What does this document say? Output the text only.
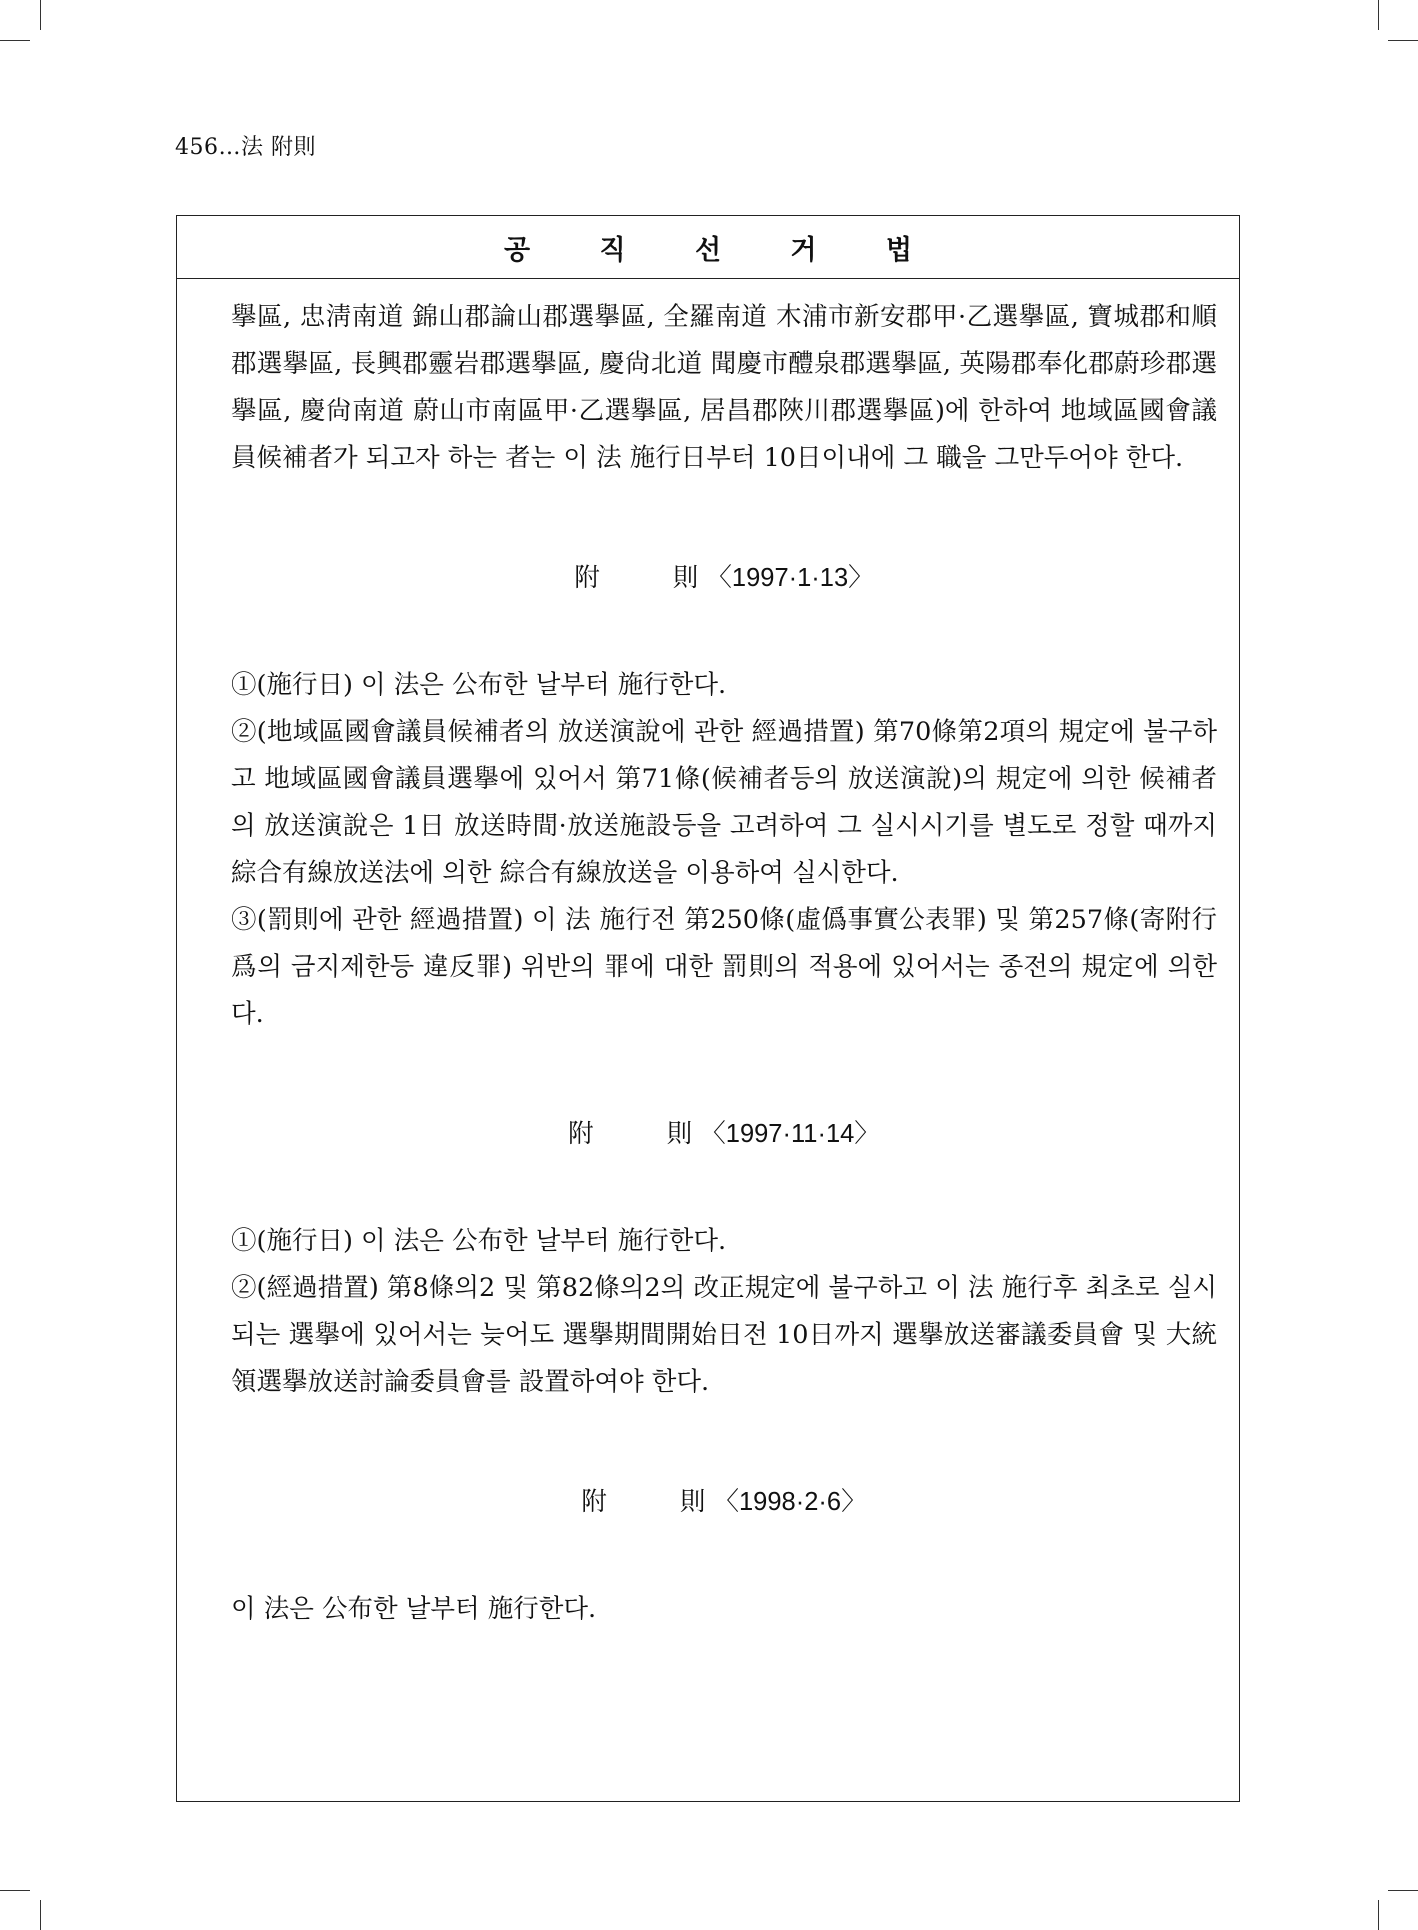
456…法 附則
공 직 선 거 법

擧區, 忠淸南道 錦山郡論山郡選擧區, 全羅南道 木浦市新安郡甲·乙選擧區, 寶城郡和順郡選擧區, 長興郡靈岩郡選擧區, 慶尙北道 聞慶市醴泉郡選擧區, 英陽郡奉化郡蔚珍郡選擧區, 慶尙南道 蔚山市南區甲·乙選擧區, 居昌郡陜川郡選擧區)에 한하여 地域區國會議員候補者가 되고자 하는 者는 이 法 施行日부터 10日이내에 그 職을 그만두어야 한다.

附	則 〈1997·1·13〉

①(施行日) 이 法은 公布한 날부터 施行한다.

②(地域區國會議員候補者의 放送演說에 관한 經過措置) 第70條第2項의 規定에 불구하고 地域區國會議員選擧에 있어서 第71條(候補者등의 放送演說)의 規定에 의한 候補者의 放送演說은 1日 放送時間·放送施設등을 고려하여 그 실시시기를 별도로 정할 때까지 綜合有線放送法에 의한 綜合有線放送을 이용하여 실시한다.

③(罰則에 관한 經過措置) 이 法 施行전 第250條(虛僞事實公表罪) 및 第257條(寄附行爲의 금지제한등 違反罪) 위반의 罪에 대한 罰則의 적용에 있어서는 종전의 規定에 의한다.

附	則 〈1997·11·14〉

①(施行日) 이 法은 公布한 날부터 施行한다.

②(經過措置) 第8條의2 및 第82條의2의 改正規定에 불구하고 이 法 施行후 최초로 실시되는 選擧에 있어서는 늦어도 選擧期間開始日전 10日까지 選擧放送審議委員會 및 大統領選擧放送討論委員會를 設置하여야 한다.

附	則 〈1998·2·6〉

이 法은 公布한 날부터 施行한다.
